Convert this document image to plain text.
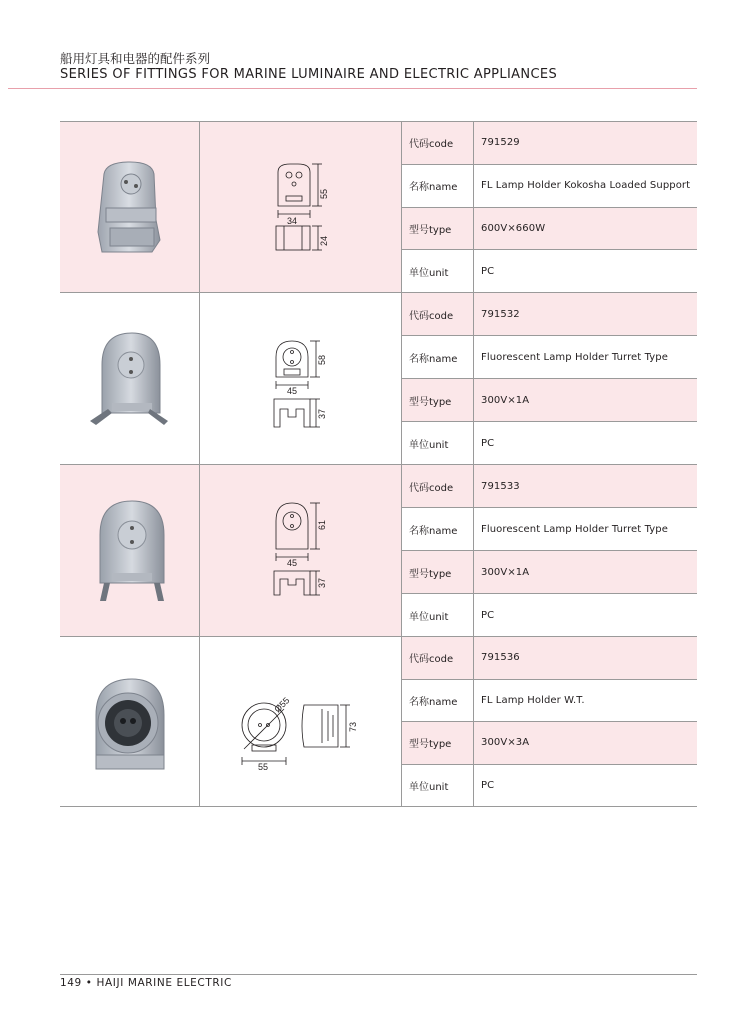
船用灯具和电器的配件系列
SERIES OF FITTINGS FOR MARINE LUMINAIRE AND ELECTRIC APPLIANCES
55
34
24
代码code	791529
名称name	FL Lamp Holder Kokosha Loaded Support
型号type	600V×660W
单位unit	PC
58
45
37
代码code	791532
名称name	Fluorescent Lamp Holder Turret Type
型号type	300V×1A
单位unit	PC
61
45
37
代码code	791533
名称name	Fluorescent Lamp Holder Turret Type
型号type	300V×1A
单位unit	PC
Ø55
55
73
代码code	791536
名称name	FL Lamp Holder W.T.
型号type	300V×3A
单位unit	PC
149 • HAIJI MARINE ELECTRIC
